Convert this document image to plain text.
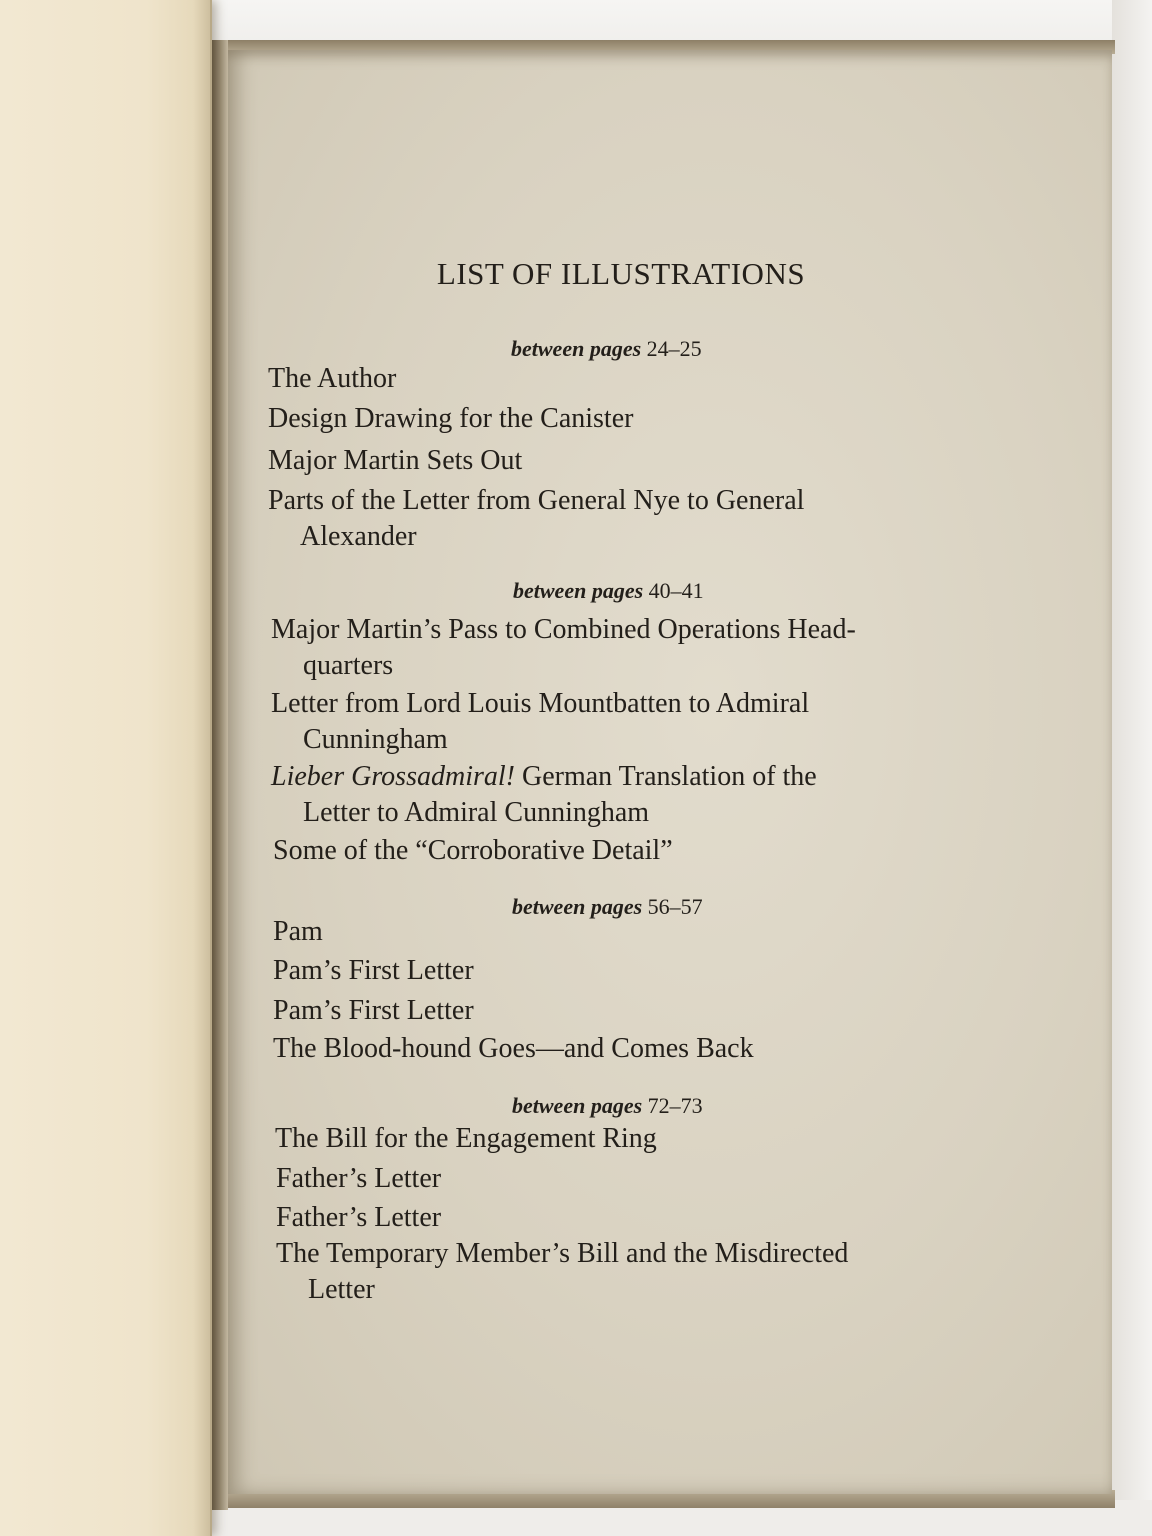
LIST OF ILLUSTRATIONS
between pages 24–25
The Author
Design Drawing for the Canister
Major Martin Sets Out
Parts of the Letter from General Nye to General
Alexander
between pages 40–41
Major Martin’s Pass to Combined Operations Head-
quarters
Letter from Lord Louis Mountbatten to Admiral
Cunningham
Lieber Grossadmiral! German Translation of the
Letter to Admiral Cunningham
Some of the “Corroborative Detail”
between pages 56–57
Pam
Pam’s First Letter
Pam’s First Letter
The Blood-hound Goes—and Comes Back
between pages 72–73
The Bill for the Engagement Ring
Father’s Letter
Father’s Letter
The Temporary Member’s Bill and the Misdirected
Letter
